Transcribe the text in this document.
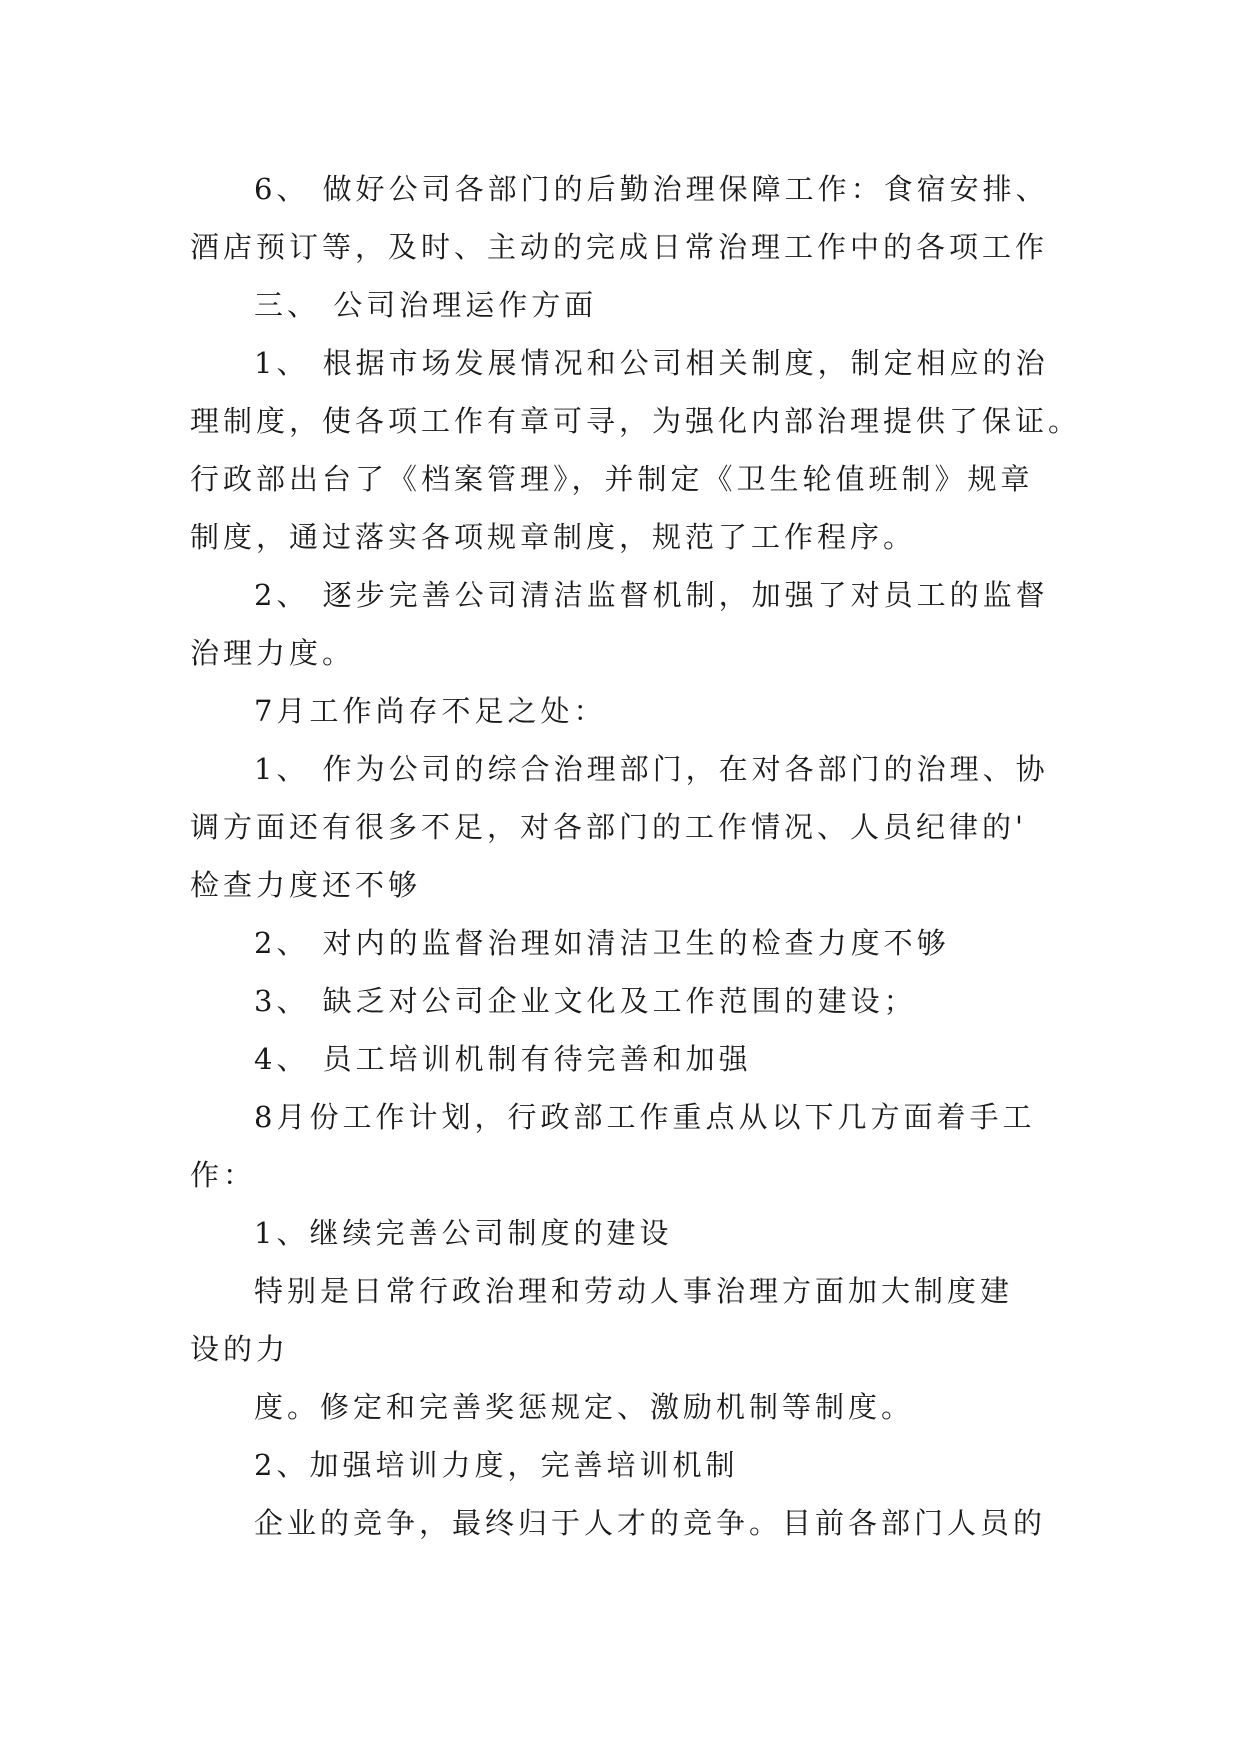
6、 做好公司各部门的后勤治理保障工作：食宿安排、
酒店预订等，及时、主动的完成日常治理工作中的各项工作
三、 公司治理运作方面
1、 根据市场发展情况和公司相关制度，制定相应的治
理制度，使各项工作有章可寻，为强化内部治理提供了保证。
行政部出台了《档案管理》，并制定《卫生轮值班制》规章
制度，通过落实各项规章制度，规范了工作程序。
2、 逐步完善公司清洁监督机制，加强了对员工的监督
治理力度。
7月工作尚存不足之处：
1、 作为公司的综合治理部门，在对各部门的治理、协
调方面还有很多不足，对各部门的工作情况、人员纪律的'
检查力度还不够
2、 对内的监督治理如清洁卫生的检查力度不够
3、 缺乏对公司企业文化及工作范围的建设；
4、 员工培训机制有待完善和加强
8月份工作计划，行政部工作重点从以下几方面着手工
作：
1、继续完善公司制度的建设
特别是日常行政治理和劳动人事治理方面加大制度建
设的力
度。修定和完善奖惩规定、激励机制等制度。
2、加强培训力度，完善培训机制
企业的竞争，最终归于人才的竞争。目前各部门人员的
